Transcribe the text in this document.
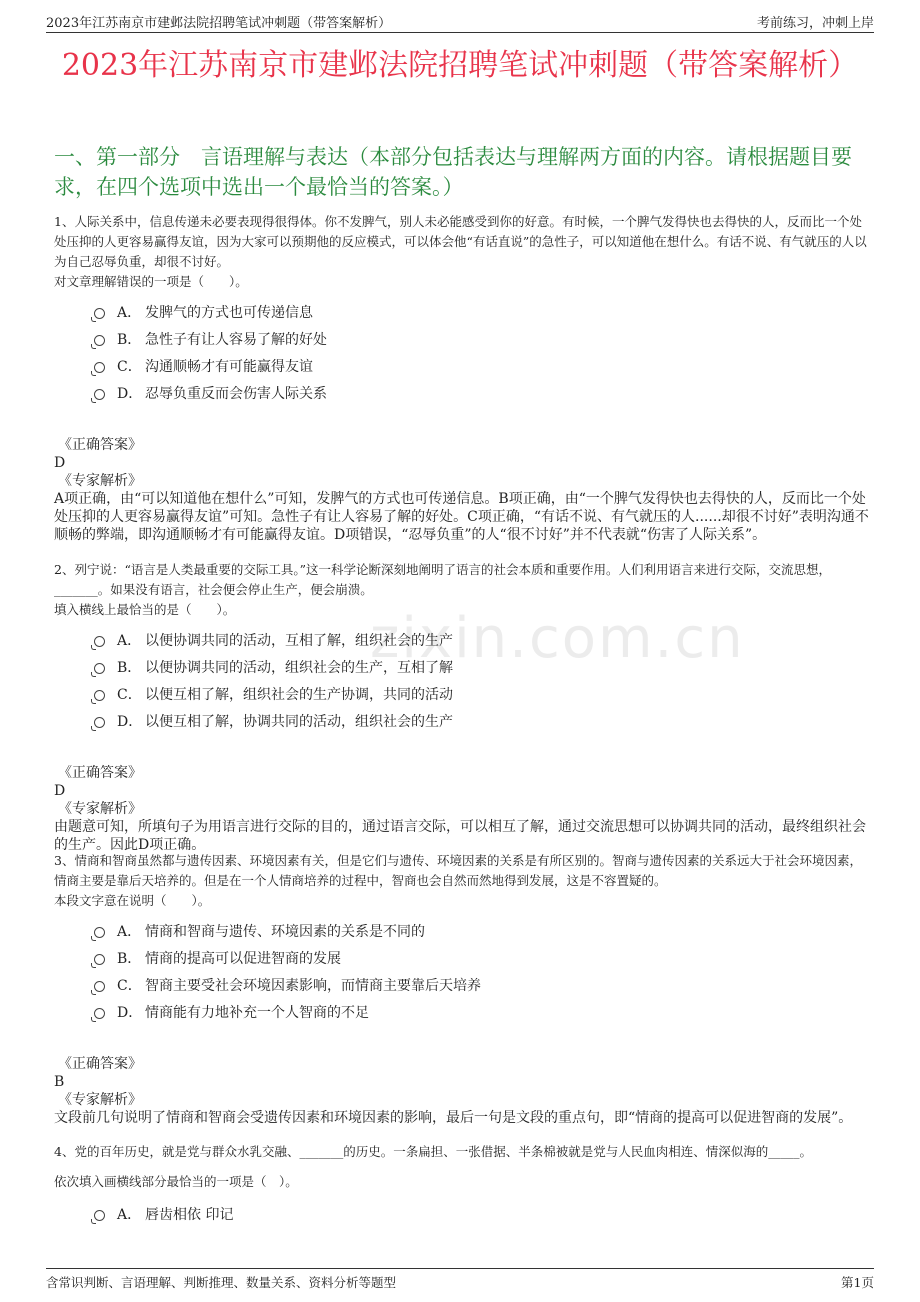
2023年江苏南京市建邺法院招聘笔试冲刺题（带答案解析）	考前练习，冲刺上岸
2023年江苏南京市建邺法院招聘笔试冲刺题（带答案解析）
一、第一部分　言语理解与表达（本部分包括表达与理解两方面的内容。请根据题目要求，在四个选项中选出一个最恰当的答案。）
zixin.com.cn

1、人际关系中，信息传递未必要表现得很得体。你不发脾气，别人未必能感受到你的好意。有时候，一个脾气发得快也去得快的人，反而比一个处处压抑的人更容易赢得友谊，因为大家可以预期他的反应模式，可以体会他“有话直说”的急性子，可以知道他在想什么。有话不说、有气就压的人以为自己忍辱负重，却很不讨好。

对文章理解错误的一项是（　　）。

A． 发脾气的方式也可传递信息
B． 急性子有让人容易了解的好处
C． 沟通顺畅才有可能赢得友谊
D． 忍辱负重反而会伤害人际关系

《正确答案》

D

《专家解析》

A项正确，由“可以知道他在想什么”可知，发脾气的方式也可传递信息。B项正确，由“一个脾气发得快也去得快的人，反而比一个处处压抑的人更容易赢得友谊”可知。急性子有让人容易了解的好处。C项正确，“有话不说、有气就压的人......却很不讨好”表明沟通不顺畅的弊端，即沟通顺畅才有可能赢得友谊。D项错误，“忍辱负重”的人“很不讨好”并不代表就“伤害了人际关系”。

2、列宁说：“语言是人类最重要的交际工具。”这一科学论断深刻地阐明了语言的社会本质和重要作用。人们利用语言来进行交际，交流思想，_______。如果没有语言，社会便会停止生产，便会崩溃。

填入横线上最恰当的是（　　）。

A． 以便协调共同的活动，互相了解，组织社会的生产
B． 以便协调共同的活动，组织社会的生产，互相了解
C． 以便互相了解，组织社会的生产协调，共同的活动
D． 以便互相了解，协调共同的活动，组织社会的生产

《正确答案》

D

《专家解析》

由题意可知，所填句子为用语言进行交际的目的，通过语言交际，可以相互了解，通过交流思想可以协调共同的活动，最终组织社会的生产。因此D项正确。

3、情商和智商虽然都与遗传因素、环境因素有关，但是它们与遗传、环境因素的关系是有所区别的。智商与遗传因素的关系远大于社会环境因素，情商主要是靠后天培养的。但是在一个人情商培养的过程中，智商也会自然而然地得到发展，这是不容置疑的。

本段文字意在说明（　　）。

A． 情商和智商与遗传、环境因素的关系是不同的
B． 情商的提高可以促进智商的发展
C． 智商主要受社会环境因素影响，而情商主要靠后天培养
D． 情商能有力地补充一个人智商的不足

《正确答案》

B

《专家解析》

文段前几句说明了情商和智商会受遗传因素和环境因素的影响，最后一句是文段的重点句，即“情商的提高可以促进智商的发展”。

4、党的百年历史，就是党与群众水乳交融、_______的历史。一条扁担、一张借据、半条棉被就是党与人民血肉相连、情深似海的_____。

依次填入画横线部分最恰当的一项是（　）。

A． 唇齿相依 印记
含常识判断、言语理解、判断推理、数量关系、资料分析等题型	第1页
